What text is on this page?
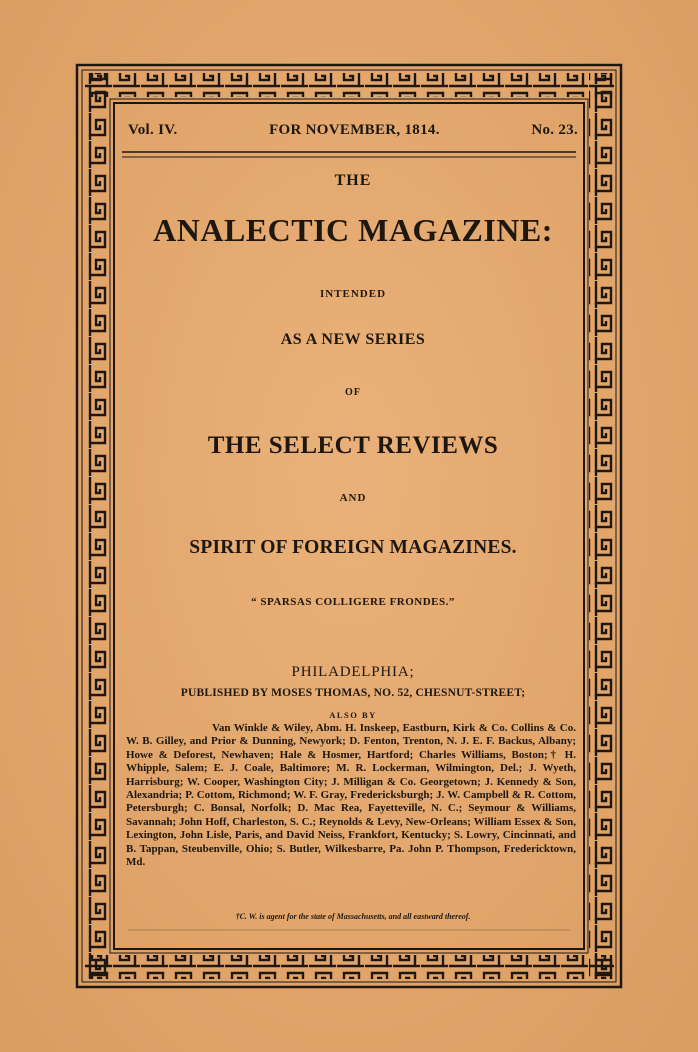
Vol. IV.	FOR NOVEMBER, 1814.	No. 23.
THE
ANALECTIC MAGAZINE:
INTENDED
AS A NEW SERIES
OF
THE SELECT REVIEWS
AND
SPIRIT OF FOREIGN MAGAZINES.
“ SPARSAS COLLIGERE FRONDES.”
PHILADELPHIA;
PUBLISHED BY MOSES THOMAS, NO. 52, CHESNUT-STREET;
ALSO BY
Van Winkle & Wiley, Abm. H. Inskeep, Eastburn, Kirk & Co. Collins & Co. W. B. Gilley, and Prior & Dunning, Newyork; D. Fenton, Trenton, N. J. E. F. Backus, Albany; Howe & Deforest, Newhaven; Hale & Hosmer, Hartford; Charles Williams, Boston;† H. Whipple, Salem; E. J. Coale, Baltimore; M. R. Lockerman, Wilmington, Del.; J. Wyeth, Harrisburg; W. Cooper, Washington City; J. Milligan & Co. Georgetown; J. Kennedy & Son, Alexandria; P. Cottom, Richmond; W. F. Gray, Fredericksburgh; J. W. Campbell & R. Cottom, Petersburgh; C. Bonsal, Norfolk; D. Mac Rea, Fayetteville, N. C.; Seymour & Williams, Savannah; John Hoff, Charleston, S. C.; Reynolds & Levy, New-Orleans; William Essex & Son, Lexington, John Lisle, Paris, and David Neiss, Frankfort, Kentucky; S. Lowry, Cincinnati, and B. Tappan, Steubenville, Ohio; S. Butler, Wilkesbarre, Pa. John P. Thompson, Fredericktown, Md.
†C. W. is agent for the state of Massachusetts, and all eastward thereof.
